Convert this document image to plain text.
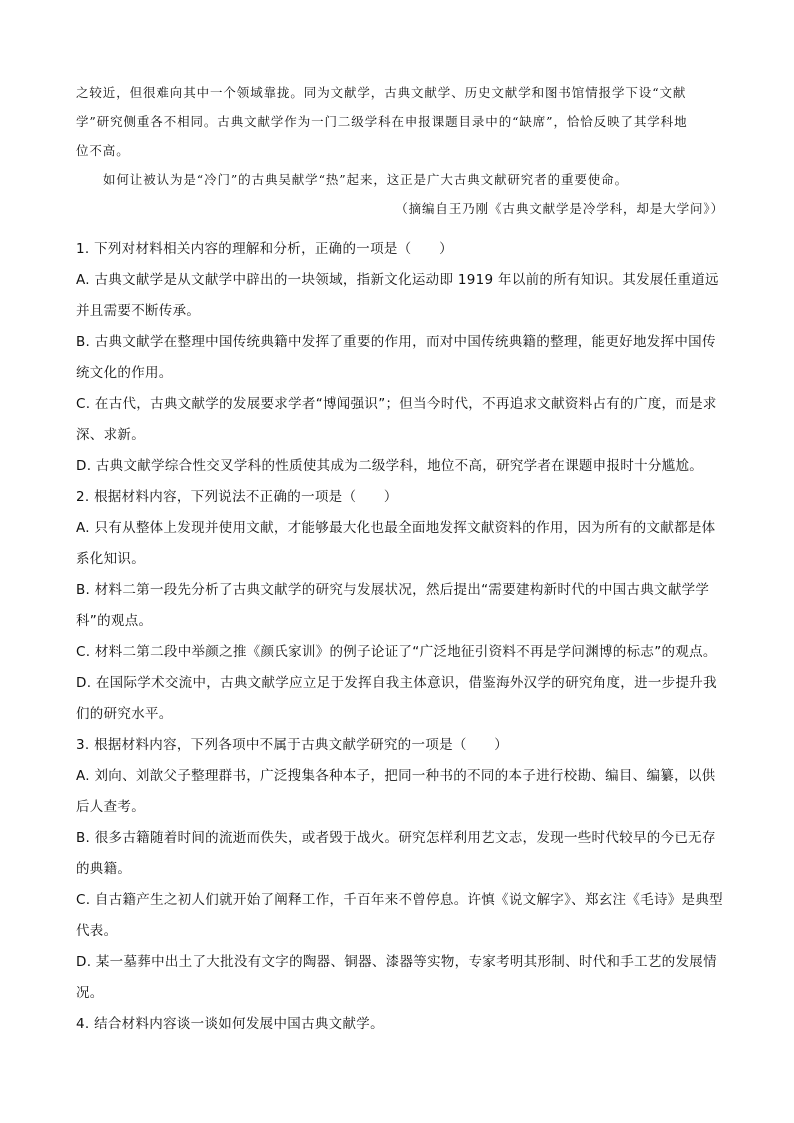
之较近，但很难向其中一个领域靠拢。同为文献学，古典文献学、历史文献学和图书馆情报学下设“文献

学”研究侧重各不相同。古典文献学作为一门二级学科在申报课题目录中的“缺席”，恰恰反映了其学科地

位不高。

如何让被认为是“冷门”的古典吴献学“热”起来，这正是广大古典文献研究者的重要使命。

（摘编自王乃刚《古典文献学是冷学科，却是大学问》）

1. 下列对材料相关内容的理解和分析，正确的一项是（　　）

A. 古典文献学是从文献学中辟出的一块领域，指新文化运动即 1919 年以前的所有知识。其发展任重道远

并且需要不断传承。

B. 古典文献学在整理中国传统典籍中发挥了重要的作用，而对中国传统典籍的整理，能更好地发挥中国传

统文化的作用。

C. 在古代，古典文献学的发展要求学者“博闻强识”；但当今时代，不再追求文献资料占有的广度，而是求

深、求新。

D. 古典文献学综合性交叉学科的性质使其成为二级学科，地位不高，研究学者在课题申报时十分尴尬。

2. 根据材料内容，下列说法不正确的一项是（　　）

A. 只有从整体上发现并使用文献，才能够最大化也最全面地发挥文献资料的作用，因为所有的文献都是体

系化知识。

B. 材料二第一段先分析了古典文献学的研究与发展状况，然后提出“需要建构新时代的中国古典文献学学

科”的观点。

C. 材料二第二段中举颜之推《颜氏家训》的例子论证了“广泛地征引资料不再是学问渊博的标志”的观点。

D. 在国际学术交流中，古典文献学应立足于发挥自我主体意识，借鉴海外汉学的研究角度，进一步提升我

们的研究水平。

3. 根据材料内容，下列各项中不属于古典文献学研究的一项是（　　）

A. 刘向、刘歆父子整理群书，广泛搜集各种本子，把同一种书的不同的本子进行校勘、编目、编纂，以供

后人查考。

B. 很多古籍随着时间的流逝而佚失，或者毁于战火。研究怎样利用艺文志，发现一些时代较早的今已无存

的典籍。

C. 自古籍产生之初人们就开始了阐释工作，千百年来不曾停息。许慎《说文解字》、郑玄注《毛诗》是典型

代表。

D. 某一墓葬中出土了大批没有文字的陶器、铜器、漆器等实物，专家考明其形制、时代和手工艺的发展情

况。

4. 结合材料内容谈一谈如何发展中国古典文献学。
